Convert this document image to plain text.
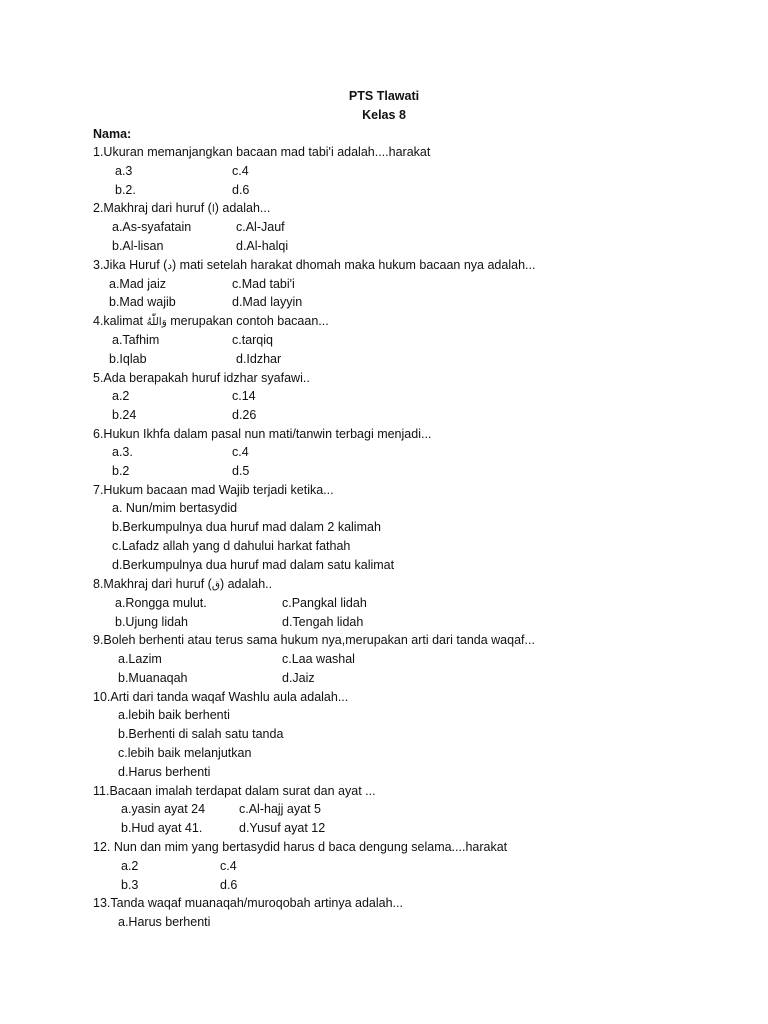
PTS Tlawati
Kelas 8
Nama:
1.Ukuran memanjangkan bacaan mad tabi'i adalah....harakat
a.3	c.4
b.2.	d.6
2.Makhraj dari huruf (ا) adalah...
a.As-syafatain	c.Al-Jauf
b.Al-lisan	d.Al-halqi
3.Jika Huruf (د) mati setelah harakat dhomah maka hukum bacaan nya adalah...
a.Mad jaiz	c.Mad tabi'i
b.Mad wajib	d.Mad layyin
4.kalimat وَاللّٰهُ merupakan contoh bacaan...
a.Tafhim	c.tarqiq
b.Iqlab	d.Idzhar
5.Ada berapakah huruf idzhar syafawi..
a.2	c.14
b.24	d.26
6.Hukun Ikhfa dalam pasal nun mati/tanwin terbagi menjadi...
a.3.	c.4
b.2	d.5
7.Hukum bacaan mad Wajib terjadi ketika...
a. Nun/mim bertasydid
b.Berkumpulnya dua huruf mad dalam 2 kalimah
c.Lafadz allah yang d dahului harkat fathah
d.Berkumpulnya dua huruf mad dalam satu kalimat
8.Makhraj dari huruf (ق) adalah..
a.Rongga mulut.	c.Pangkal lidah
b.Ujung lidah	d.Tengah lidah
9.Boleh berhenti atau terus sama hukum nya,merupakan arti dari tanda waqaf...
a.Lazim	c.Laa washal
b.Muanaqah	d.Jaiz
10.Arti dari tanda waqaf Washlu aula adalah...
a.lebih baik berhenti
b.Berhenti di salah satu tanda
c.lebih baik melanjutkan
d.Harus berhenti
11.Bacaan imalah terdapat dalam surat dan ayat ...
a.yasin ayat 24	c.Al-hajj ayat 5
b.Hud ayat 41.	d.Yusuf ayat 12
12. Nun dan mim yang bertasydid harus d baca dengung selama....harakat
a.2	c.4
b.3	d.6
13.Tanda waqaf muanaqah/muroqobah artinya adalah...
a.Harus berhenti
